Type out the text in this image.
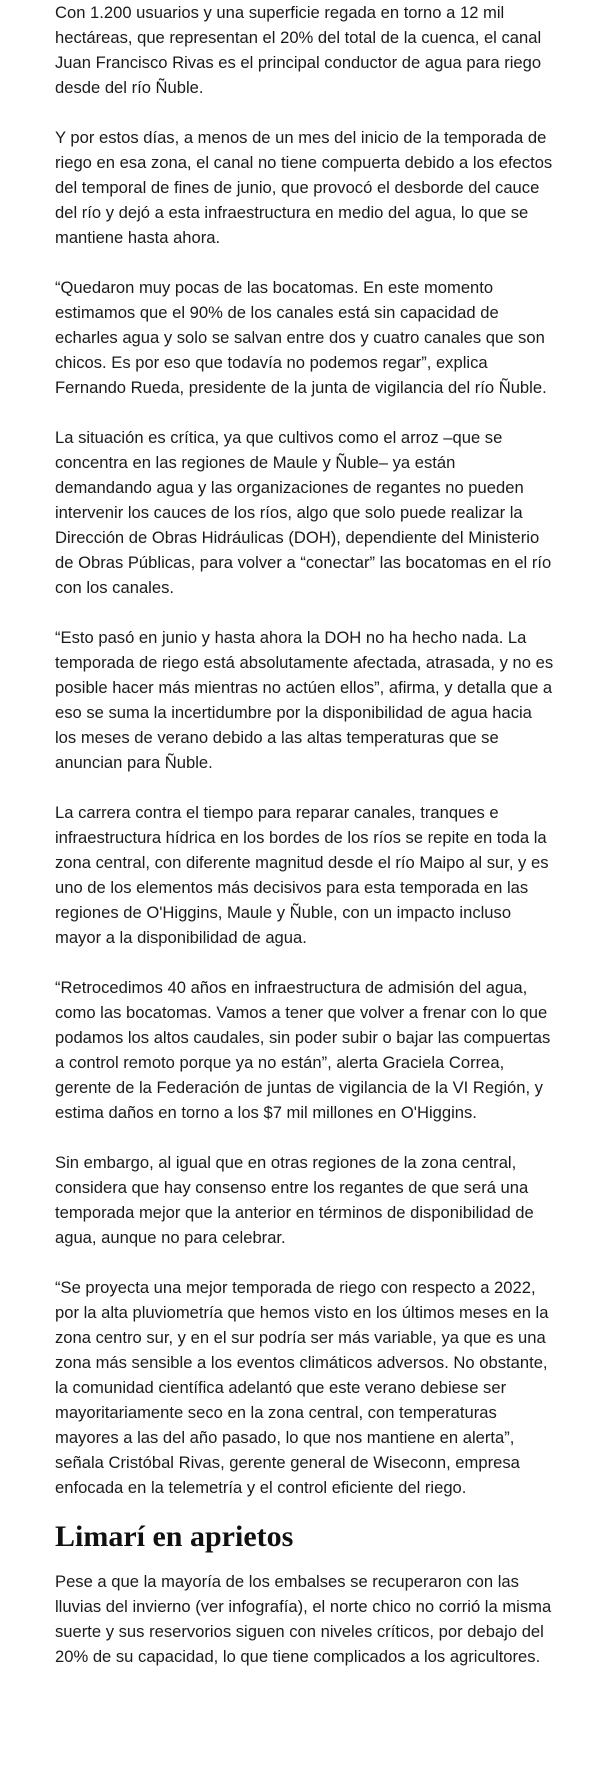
Con 1.200 usuarios y una superficie regada en torno a 12 mil hectáreas, que representan el 20% del total de la cuenca, el canal Juan Francisco Rivas es el principal conductor de agua para riego desde del río Ñuble.

Y por estos días, a menos de un mes del inicio de la temporada de riego en esa zona, el canal no tiene compuerta debido a los efectos del temporal de fines de junio, que provocó el desborde del cauce del río y dejó a esta infraestructura en medio del agua, lo que se mantiene hasta ahora.

“Quedaron muy pocas de las bocatomas. En este momento estimamos que el 90% de los canales está sin capacidad de echarles agua y solo se salvan entre dos y cuatro canales que son chicos. Es por eso que todavía no podemos regar”, explica Fernando Rueda, presidente de la junta de vigilancia del río Ñuble.

La situación es crítica, ya que cultivos como el arroz –que se concentra en las regiones de Maule y Ñuble– ya están demandando agua y las organizaciones de regantes no pueden intervenir los cauces de los ríos, algo que solo puede realizar la Dirección de Obras Hidráulicas (DOH), dependiente del Ministerio de Obras Públicas, para volver a “conectar” las bocatomas en el río con los canales.

“Esto pasó en junio y hasta ahora la DOH no ha hecho nada. La temporada de riego está absolutamente afectada, atrasada, y no es posible hacer más mientras no actúen ellos”, afirma, y detalla que a eso se suma la incertidumbre por la disponibilidad de agua hacia los meses de verano debido a las altas temperaturas que se anuncian para Ñuble.

La carrera contra el tiempo para reparar canales, tranques e infraestructura hídrica en los bordes de los ríos se repite en toda la zona central, con diferente magnitud desde el río Maipo al sur, y es uno de los elementos más decisivos para esta temporada en las regiones de O'Higgins, Maule y Ñuble, con un impacto incluso mayor a la disponibilidad de agua.

“Retrocedimos 40 años en infraestructura de admisión del agua, como las bocatomas. Vamos a tener que volver a frenar con lo que podamos los altos caudales, sin poder subir o bajar las compuertas a control remoto porque ya no están”, alerta Graciela Correa, gerente de la Federación de juntas de vigilancia de la VI Región, y estima daños en torno a los $7 mil millones en O'Higgins.

Sin embargo, al igual que en otras regiones de la zona central, considera que hay consenso entre los regantes de que será una temporada mejor que la anterior en términos de disponibilidad de agua, aunque no para celebrar.

“Se proyecta una mejor temporada de riego con respecto a 2022, por la alta pluviometría que hemos visto en los últimos meses en la zona centro sur, y en el sur podría ser más variable, ya que es una zona más sensible a los eventos climáticos adversos. No obstante, la comunidad científica adelantó que este verano debiese ser mayoritariamente seco en la zona central, con temperaturas mayores a las del año pasado, lo que nos mantiene en alerta”, señala Cristóbal Rivas, gerente general de Wiseconn, empresa enfocada en la telemetría y el control eficiente del riego.

Limarí en aprietos

Pese a que la mayoría de los embalses se recuperaron con las lluvias del invierno (ver infografía), el norte chico no corrió la misma suerte y sus reservorios siguen con niveles críticos, por debajo del 20% de su capacidad, lo que tiene complicados a los agricultores.
